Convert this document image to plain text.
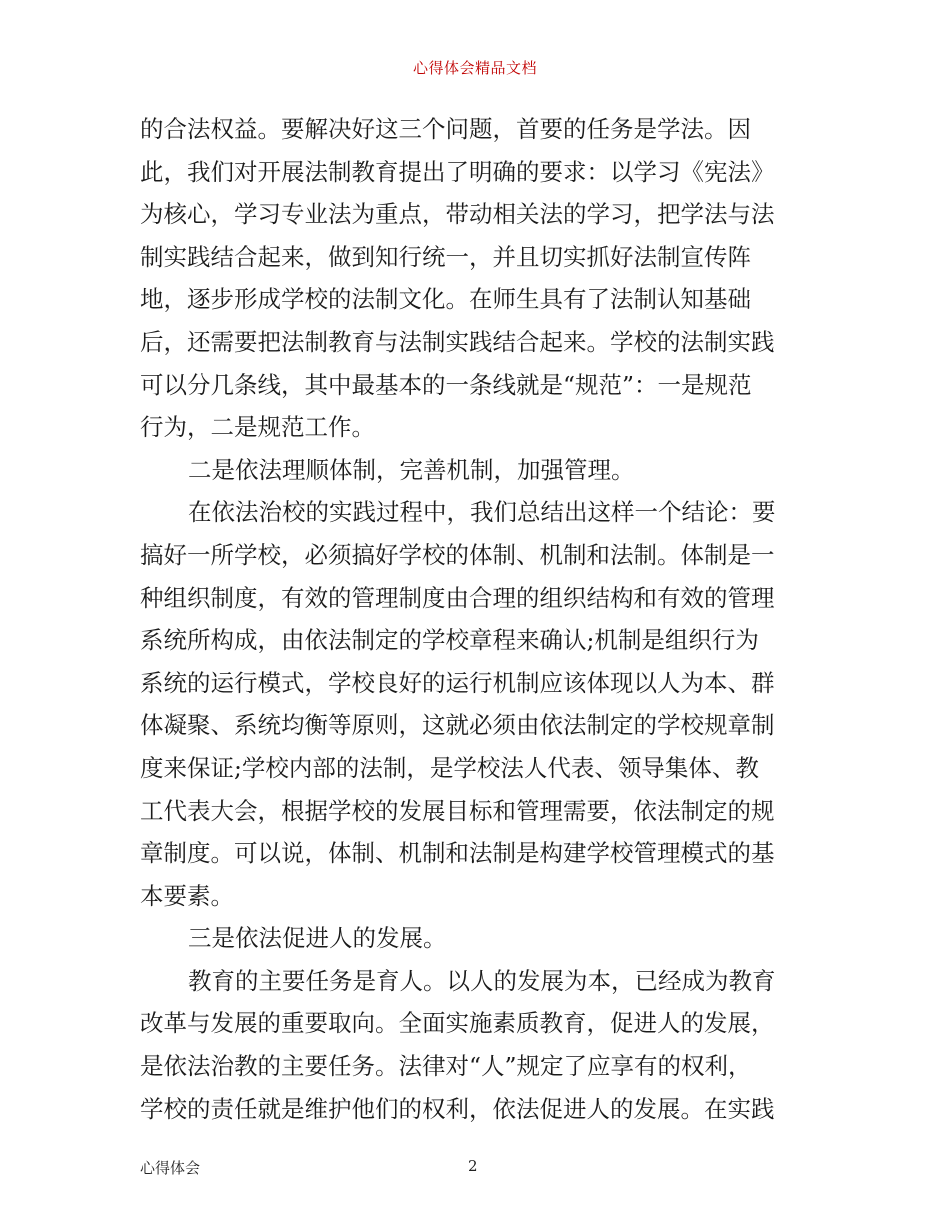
心得体会精品文档
的合法权益。要解决好这三个问题，首要的任务是学法。因
此，我们对开展法制教育提出了明确的要求：以学习《宪法》
为核心，学习专业法为重点，带动相关法的学习，把学法与法
制实践结合起来，做到知行统一，并且切实抓好法制宣传阵
地，逐步形成学校的法制文化。在师生具有了法制认知基础
后，还需要把法制教育与法制实践结合起来。学校的法制实践
可以分几条线，其中最基本的一条线就是“规范”：一是规范
行为，二是规范工作。
二是依法理顺体制，完善机制，加强管理。
在依法治校的实践过程中，我们总结出这样一个结论：要
搞好一所学校，必须搞好学校的体制、机制和法制。体制是一
种组织制度，有效的管理制度由合理的组织结构和有效的管理
系统所构成，由依法制定的学校章程来确认;机制是组织行为
系统的运行模式，学校良好的运行机制应该体现以人为本、群
体凝聚、系统均衡等原则，这就必须由依法制定的学校规章制
度来保证;学校内部的法制，是学校法人代表、领导集体、教
工代表大会，根据学校的发展目标和管理需要，依法制定的规
章制度。可以说，体制、机制和法制是构建学校管理模式的基
本要素。
三是依法促进人的发展。
教育的主要任务是育人。以人的发展为本，已经成为教育
改革与发展的重要取向。全面实施素质教育，促进人的发展，
是依法治教的主要任务。法律对“人”规定了应享有的权利，
学校的责任就是维护他们的权利，依法促进人的发展。在实践
心得体会	2
